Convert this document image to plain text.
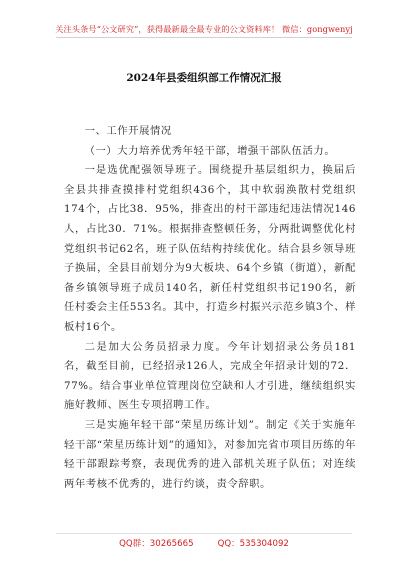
关注头条号“公文研究”，获得最新最全最专业的公文资料库！ 微信：gongwenyj
2024年县委组织部工作情况汇报

一、工作开展情况

（一）大力培养优秀年轻干部，增强干部队伍活力。

一是选优配强领导班子。围绕提升基层组织力，换届后全县共排查摸排村党组织436个，其中软弱涣散村党组织174个，占比38．95%，排查出的村干部违纪违法情况146人，占比30．71%。根据排查整顿任务，分两批调整优化村党组织书记62名，班子队伍结构持续优化。结合县乡领导班子换届，全县目前划分为9大板块、64个乡镇（街道），新配备乡镇领导班子成员140名，新任村党组织书记190名，新任村委会主任553名。其中，打造乡村振兴示范乡镇3个、样板村16个。

二是加大公务员招录力度。今年计划招录公务员181名，截至目前，已经招录126人，完成全年招录计划的72．77%。结合事业单位管理岗位空缺和人才引进，继续组织实施好教师、医生专项招聘工作。

三是实施年轻干部“荣星历练计划”。制定《关于实施年轻干部“荣星历练计划”的通知》，对参加完省市项目历练的年轻干部跟踪考察，表现优秀的进入部机关班子队伍；对连续两年考核不优秀的，进行约谈，责令辞职。

QQ群：30265665	QQ：535304092
